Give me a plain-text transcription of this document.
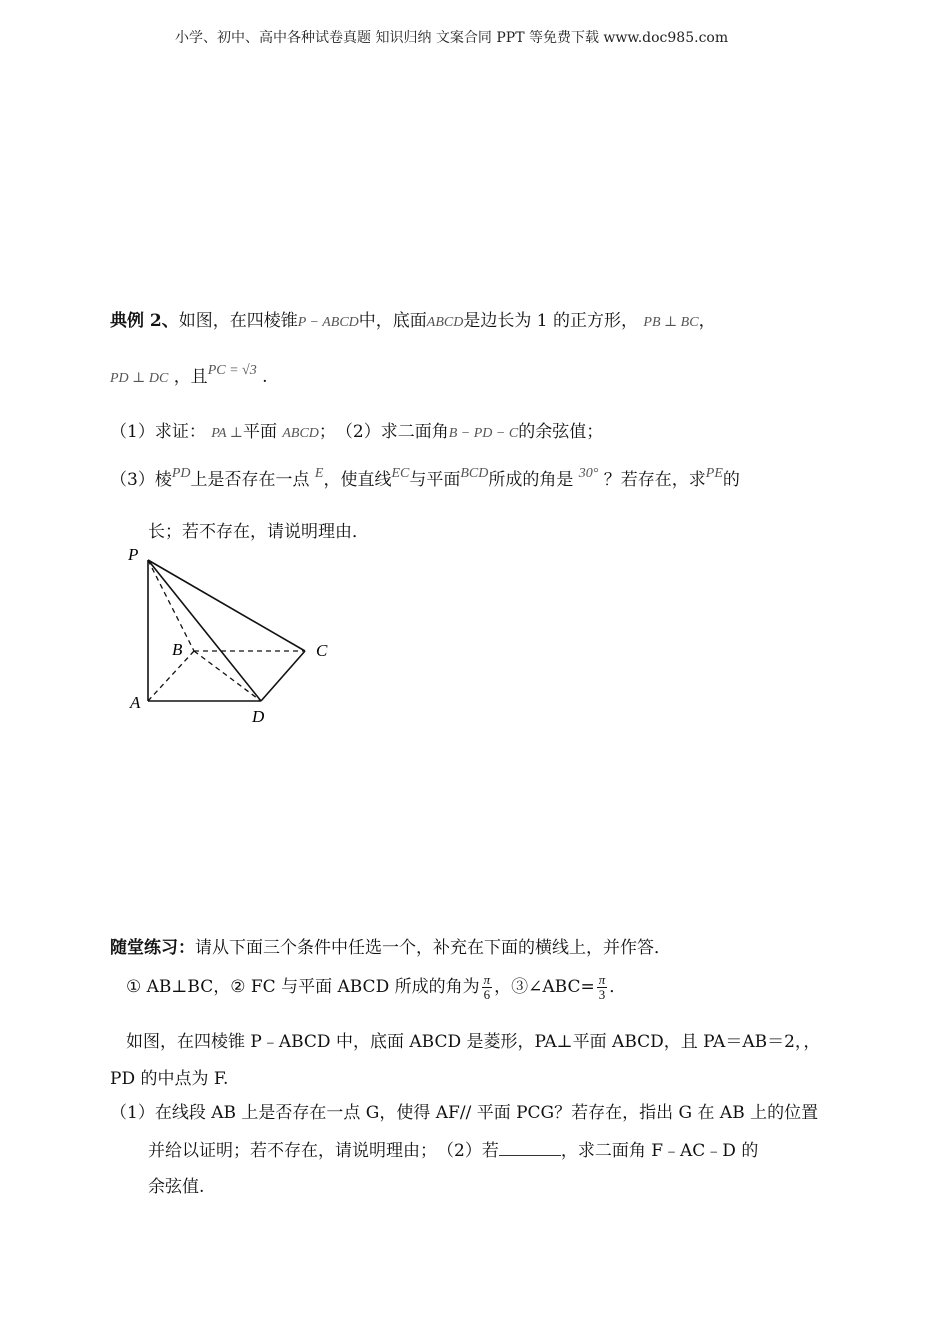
小学、初中、高中各种试卷真题 知识归纳 文案合同 PPT 等免费下载 www.doc985.com
典例 2、如图，在四棱锥P − ABCD中，底面ABCD是边长为 1 的正方形， PB ⊥ BC，
PD ⊥ DC ，且$^{PC = √3}$ .
（1）求证： PA ⊥平面 ABCD；　（2）求二面角B − PD − C的余弦值；
（3）棱$^{PD}$上是否存在一点 $^E$，使直线$^{EC}$与平面$^{BCD}$所成的角是 $^{30^\circ}$ ？若存在，求$^{PE}$的
长；若不存在，请说明理由．
P
B	C
A
D
随堂练习：请从下面三个条件中任选一个，补充在下面的横线上，并作答．
① AB⊥BC，② FC 与平面 ABCD 所成的角为 $\frac{\pi}{6}$ ，③∠ABC= $\frac{\pi}{3}$ ．
如图，在四棱锥 P﹣ABCD 中，底面 ABCD 是菱形，PA⊥平面 ABCD，且 PA＝AB＝2，，
PD 的中点为 F.
（1）在线段 AB 上是否存在一点 G，使得 AF// 平面 PCG？若存在，指出 G 在 AB 上的位置
并给以证明；若不存在，请说明理由；　（2）若	，求二面角 F﹣AC﹣D 的
余弦值.
